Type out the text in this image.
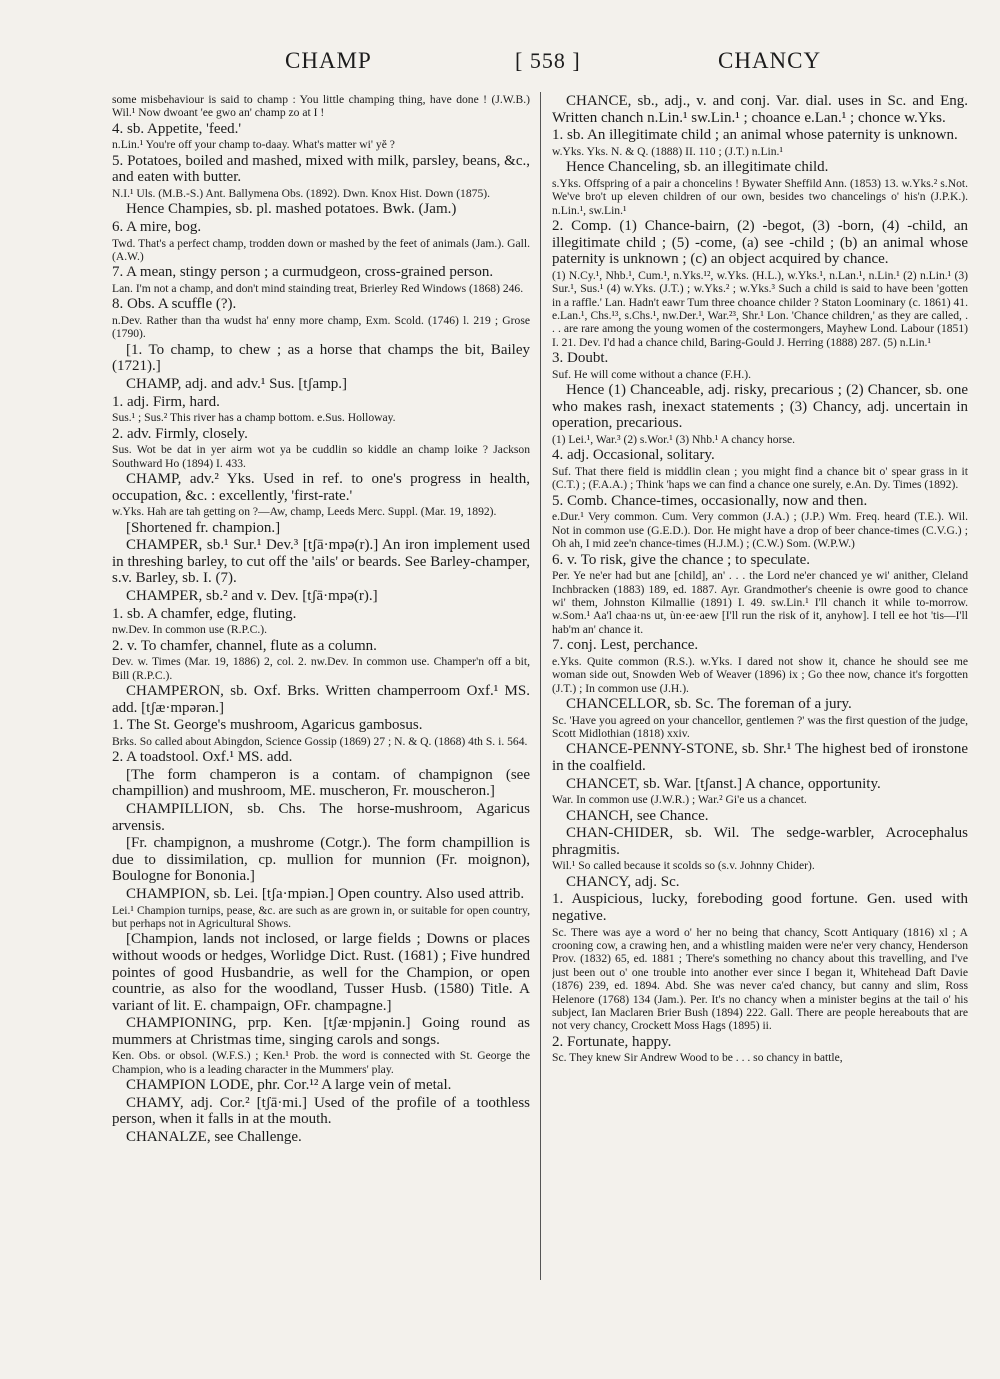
CHAMP	[ 558 ]	CHANCY

some misbehaviour is said to champ : You little champing thing, have done ! (J.W.B.) Wil.¹ Now dwoant 'ee gwo an' champ zo at I !

4. sb. Appetite, 'feed.'

n.Lin.¹ You're off your champ to-daay. What's matter wi' yĕ ?

5. Potatoes, boiled and mashed, mixed with milk, parsley, beans, &c., and eaten with butter.

N.I.¹ Uls. (M.B.-S.) Ant. Ballymena Obs. (1892). Dwn. Knox Hist. Down (1875).

Hence Champies, sb. pl. mashed potatoes. Bwk. (Jam.)

6. A mire, bog.

Twd. That's a perfect champ, trodden down or mashed by the feet of animals (Jam.). Gall. (A.W.)

7. A mean, stingy person ; a curmudgeon, cross-grained person.

Lan. I'm not a champ, and don't mind stainding treat, Brierley Red Windows (1868) 246.

8. Obs. A scuffle (?).

n.Dev. Rather than tha wudst ha' enny more champ, Exm. Scold. (1746) l. 219 ; Grose (1790).

[1. To champ, to chew ; as a horse that champs the bit, Bailey (1721).]

CHAMP, adj. and adv.¹ Sus. [tʃamp.]

1. adj. Firm, hard.

Sus.¹ ; Sus.² This river has a champ bottom. e.Sus. Holloway.

2. adv. Firmly, closely.

Sus. Wot be dat in yer airm wot ya be cuddlin so kiddle an champ loike ? Jackson Southward Ho (1894) I. 433.

CHAMP, adv.² Yks. Used in ref. to one's progress in health, occupation, &c. : excellently, 'first-rate.'

w.Yks. Hah are tah getting on ?—Aw, champ, Leeds Merc. Suppl. (Mar. 19, 1892).

[Shortened fr. champion.]

CHAMPER, sb.¹ Sur.¹ Dev.³ [tʃā·mpə(r).] An iron implement used in threshing barley, to cut off the 'ails' or beards. See Barley-champer, s.v. Barley, sb. I. (7).

CHAMPER, sb.² and v. Dev. [tʃā·mpə(r).]

1. sb. A chamfer, edge, fluting.

nw.Dev. In common use (R.P.C.).

2. v. To chamfer, channel, flute as a column.

Dev. w. Times (Mar. 19, 1886) 2, col. 2. nw.Dev. In common use. Champer'n off a bit, Bill (R.P.C.).

CHAMPERON, sb. Oxf. Brks. Written champerroom Oxf.¹ MS. add. [tʃæ·mpərən.]

1. The St. George's mushroom, Agaricus gambosus.

Brks. So called about Abingdon, Science Gossip (1869) 27 ; N. & Q. (1868) 4th S. i. 564.

2. A toadstool. Oxf.¹ MS. add.

[The form champeron is a contam. of champignon (see champillion) and mushroom, ME. muscheron, Fr. mouscheron.]

CHAMPILLION, sb. Chs. The horse-mushroom, Agaricus arvensis.

[Fr. champignon, a mushrome (Cotgr.). The form champillion is due to dissimilation, cp. mullion for munnion (Fr. moignon), Boulogne for Bononia.]

CHAMPION, sb. Lei. [tʃa·mpiən.] Open country. Also used attrib.

Lei.¹ Champion turnips, pease, &c. are such as are grown in, or suitable for open country, but perhaps not in Agricultural Shows.

[Champion, lands not inclosed, or large fields ; Downs or places without woods or hedges, Worlidge Dict. Rust. (1681) ; Five hundred pointes of good Husbandrie, as well for the Champion, or open countrie, as also for the woodland, Tusser Husb. (1580) Title. A variant of lit. E. champaign, OFr. champagne.]

CHAMPIONING, prp. Ken. [tʃæ·mpjənin.] Going round as mummers at Christmas time, singing carols and songs.

Ken. Obs. or obsol. (W.F.S.) ; Ken.¹ Prob. the word is connected with St. George the Champion, who is a leading character in the Mummers' play.

CHAMPION LODE, phr. Cor.¹² A large vein of metal.

CHAMY, adj. Cor.² [tʃā·mi.] Used of the profile of a toothless person, when it falls in at the mouth.

CHANALZE, see Challenge.

CHANCE, sb., adj., v. and conj. Var. dial. uses in Sc. and Eng. Written chanch n.Lin.¹ sw.Lin.¹ ; choance e.Lan.¹ ; chonce w.Yks.

1. sb. An illegitimate child ; an animal whose paternity is unknown.

w.Yks. Yks. N. & Q. (1888) II. 110 ; (J.T.) n.Lin.¹

Hence Chanceling, sb. an illegitimate child.

s.Yks. Offspring of a pair a choncelins ! Bywater Sheffild Ann. (1853) 13. w.Yks.² s.Not. We've bro't up eleven children of our own, besides two chancelings o' his'n (J.P.K.). n.Lin.¹, sw.Lin.¹

2. Comp. (1) Chance-bairn, (2) -begot, (3) -born, (4) -child, an illegitimate child ; (5) -come, (a) see -child ; (b) an animal whose paternity is unknown ; (c) an object acquired by chance.

(1) N.Cy.¹, Nhb.¹, Cum.¹, n.Yks.¹², w.Yks. (H.L.), w.Yks.¹, n.Lan.¹, n.Lin.¹ (2) n.Lin.¹ (3) Sur.¹, Sus.¹ (4) w.Yks. (J.T.) ; w.Yks.² ; w.Yks.³ Such a child is said to have been 'gotten in a raffle.' Lan. Hadn't eawr Tum three choance childer ? Staton Loominary (c. 1861) 41. e.Lan.¹, Chs.¹³, s.Chs.¹, nw.Der.¹, War.²³, Shr.¹ Lon. 'Chance children,' as they are called, . . . are rare among the young women of the costermongers, Mayhew Lond. Labour (1851) I. 21. Dev. I'd had a chance child, Baring-Gould J. Herring (1888) 287. (5) n.Lin.¹

3. Doubt.

Suf. He will come without a chance (F.H.).

Hence (1) Chanceable, adj. risky, precarious ; (2) Chancer, sb. one who makes rash, inexact statements ; (3) Chancy, adj. uncertain in operation, precarious.

(1) Lei.¹, War.³ (2) s.Wor.¹ (3) Nhb.¹ A chancy horse.

4. adj. Occasional, solitary.

Suf. That there field is middlin clean ; you might find a chance bit o' spear grass in it (C.T.) ; (F.A.A.) ; Think 'haps we can find a chance one surely, e.An. Dy. Times (1892).

5. Comb. Chance-times, occasionally, now and then.

e.Dur.¹ Very common. Cum. Very common (J.A.) ; (J.P.) Wm. Freq. heard (T.E.). Wil. Not in common use (G.E.D.). Dor. He might have a drop of beer chance-times (C.V.G.) ; Oh ah, I mid zee'n chance-times (H.J.M.) ; (C.W.) Som. (W.P.W.)

6. v. To risk, give the chance ; to speculate.

Per. Ye ne'er had but ane [child], an' . . . the Lord ne'er chanced ye wi' anither, Cleland Inchbracken (1883) 189, ed. 1887. Ayr. Grandmother's cheenie is owre good to chance wi' them, Johnston Kilmallie (1891) I. 49. sw.Lin.¹ I'll chanch it while to-morrow. w.Som.¹ Aa'l chaa·ns ut, ùn·ee·aew [I'll run the risk of it, anyhow]. I tell ee hot 'tis—I'll hab'm an' chance it.

7. conj. Lest, perchance.

e.Yks. Quite common (R.S.). w.Yks. I dared not show it, chance he should see me woman side out, Snowden Web of Weaver (1896) ix ; Go thee now, chance it's forgotten (J.T.) ; In common use (J.H.).

CHANCELLOR, sb. Sc. The foreman of a jury.

Sc. 'Have you agreed on your chancellor, gentlemen ?' was the first question of the judge, Scott Midlothian (1818) xxiv.

CHANCE-PENNY-STONE, sb. Shr.¹ The highest bed of ironstone in the coalfield.

CHANCET, sb. War. [tʃanst.] A chance, opportunity.

War. In common use (J.W.R.) ; War.² Gi'e us a chancet.

CHANCH, see Chance.

CHAN-CHIDER, sb. Wil. The sedge-warbler, Acrocephalus phragmitis.

Wil.¹ So called because it scolds so (s.v. Johnny Chider).

CHANCY, adj. Sc.

1. Auspicious, lucky, foreboding good fortune. Gen. used with negative.

Sc. There was aye a word o' her no being that chancy, Scott Antiquary (1816) xl ; A crooning cow, a crawing hen, and a whistling maiden were ne'er very chancy, Henderson Prov. (1832) 65, ed. 1881 ; There's something no chancy about this travelling, and I've just been out o' one trouble into another ever since I began it, Whitehead Daft Davie (1876) 239, ed. 1894. Abd. She was never ca'ed chancy, but canny and slim, Ross Helenore (1768) 134 (Jam.). Per. It's no chancy when a minister begins at the tail o' his subject, Ian Maclaren Brier Bush (1894) 222. Gall. There are people hereabouts that are not very chancy, Crockett Moss Hags (1895) ii.

2. Fortunate, happy.

Sc. They knew Sir Andrew Wood to be . . . so chancy in battle,
